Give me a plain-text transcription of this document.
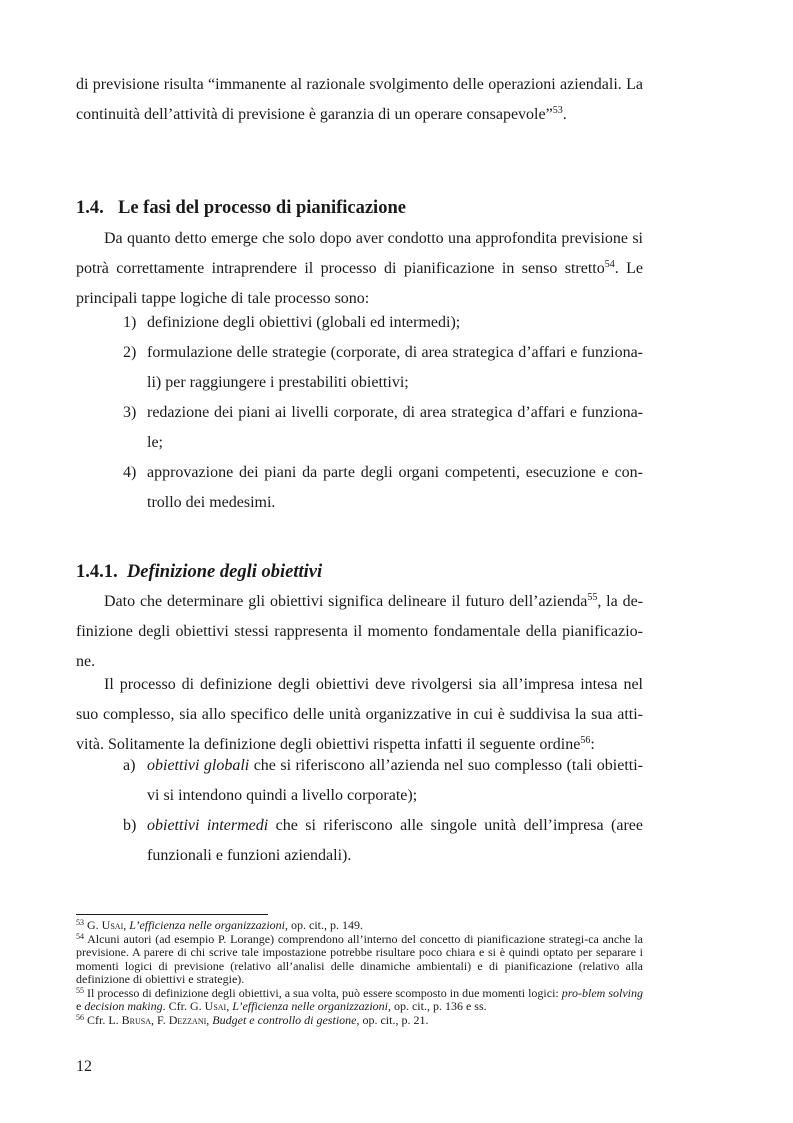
di previsione risulta “immanente al razionale svolgimento delle operazioni aziendali. La continuità dell’attività di previsione è garanzia di un operare consapevole”$^{53}$.

1.4. Le fasi del processo di pianificazione

Da quanto detto emerge che solo dopo aver condotto una approfondita previsione si potrà correttamente intraprendere il processo di pianificazione in senso stretto$^{54}$. Le principali tappe logiche di tale processo sono:

1) definizione degli obiettivi (globali ed intermedi);
2) formulazione delle strategie (corporate, di area strategica d’affari e funziona-li) per raggiungere i prestabiliti obiettivi;
3) redazione dei piani ai livelli corporate, di area strategica d’affari e funziona-le;
4) approvazione dei piani da parte degli organi competenti, esecuzione e con-trollo dei medesimi.
1.4.1. Definizione degli obiettivi

Dato che determinare gli obiettivi significa delineare il futuro dell’azienda$^{55}$, la de-finizione degli obiettivi stessi rappresenta il momento fondamentale della pianificazio-ne.

Il processo di definizione degli obiettivi deve rivolgersi sia all’impresa intesa nel suo complesso, sia allo specifico delle unità organizzative in cui è suddivisa la sua atti-vità. Solitamente la definizione degli obiettivi rispetta infatti il seguente ordine$^{56}$:

a) obiettivi globali che si riferiscono all’azienda nel suo complesso (tali obietti-vi si intendono quindi a livello corporate);
b) obiettivi intermedi che si riferiscono alle singole unità dell’impresa (aree funzionali e funzioni aziendali).

$^{53}$ G. Usai, L’efficienza nelle organizzazioni, op. cit., p. 149.

$^{54}$ Alcuni autori (ad esempio P. Lorange) comprendono all’interno del concetto di pianificazione strategi-ca anche la previsione. A parere di chi scrive tale impostazione potrebbe risultare poco chiara e si è quindi optato per separare i momenti logici di previsione (relativo all’analisi delle dinamiche ambientali) e di pianificazione (relativo alla definizione di obiettivi e strategie).

$^{55}$ Il processo di definizione degli obiettivi, a sua volta, può essere scomposto in due momenti logici: pro-blem solving e decision making. Cfr. G. Usai, L’efficienza nelle organizzazioni, op. cit., p. 136 e ss.

$^{56}$ Cfr. L. Brusa, F. Dezzani, Budget e controllo di gestione, op. cit., p. 21.

12
